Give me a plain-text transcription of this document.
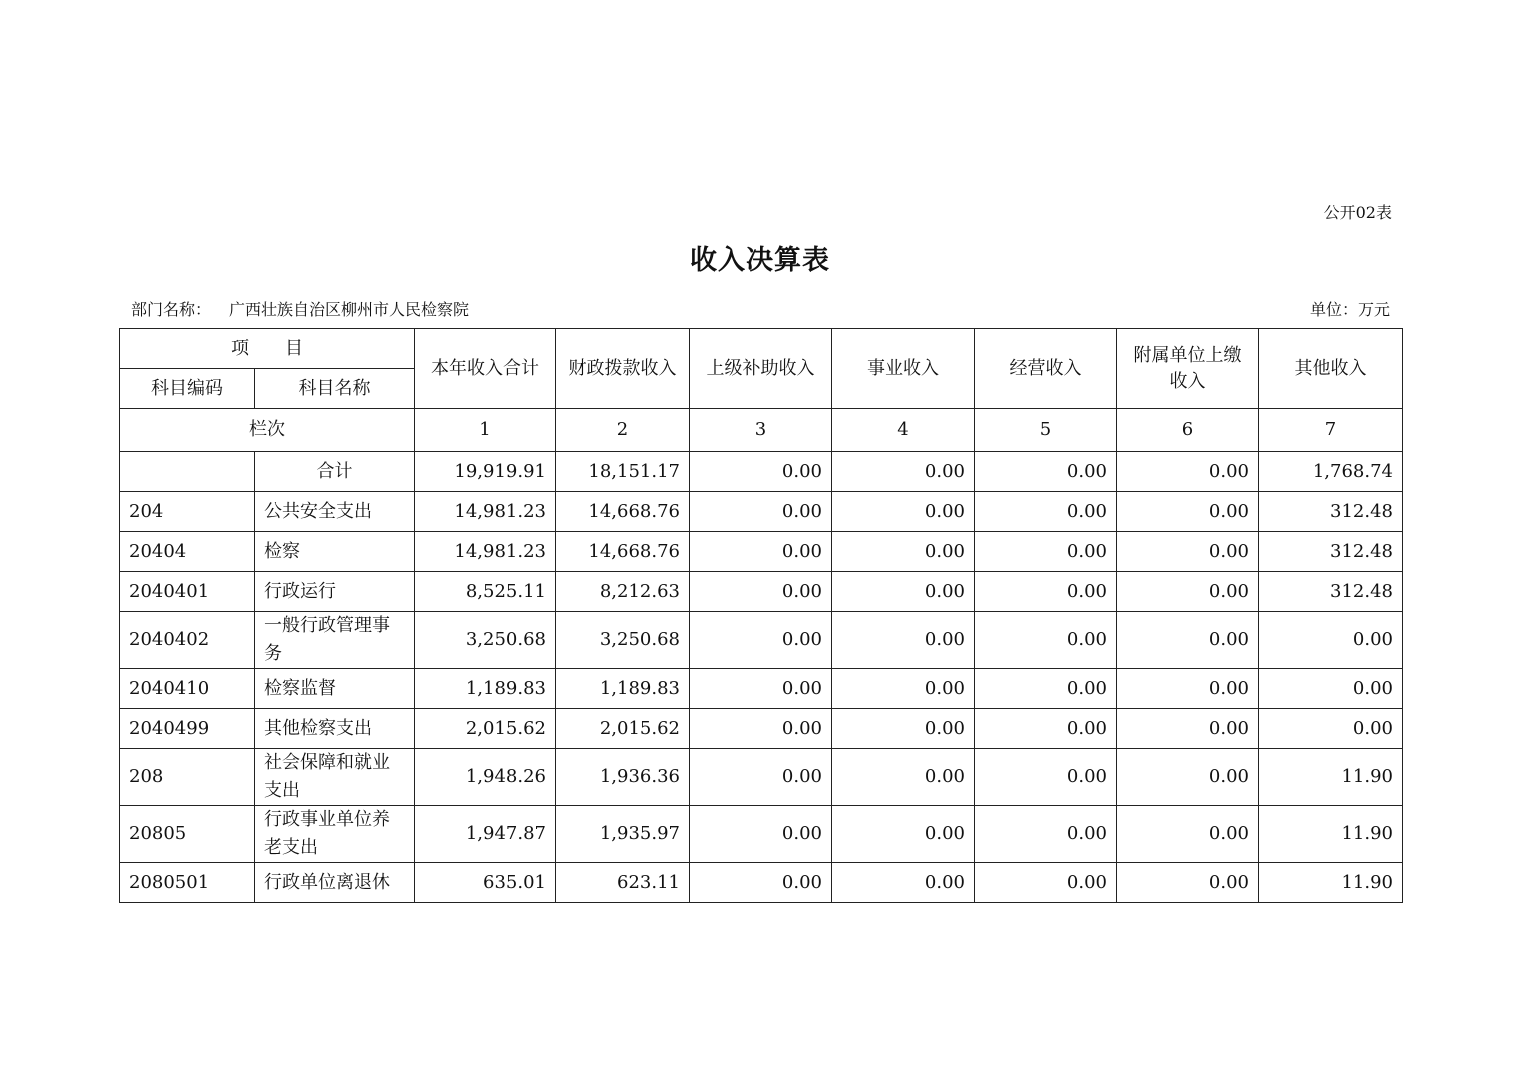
公开02表
收入决算表
部门名称： 广西壮族自治区柳州市人民检察院	单位：万元
项　　目		本年收入合计	财政拨款收入	上级补助收入	事业收入	经营收入	附属单位上缴收入	其他收入
科目编码	科目名称							
栏次		1	2	3	4	5	6	7
	合计	19,919.91	18,151.17	0.00	0.00	0.00	0.00	1,768.74
204	公共安全支出	14,981.23	14,668.76	0.00	0.00	0.00	0.00	312.48
20404	检察	14,981.23	14,668.76	0.00	0.00	0.00	0.00	312.48
2040401	行政运行	8,525.11	8,212.63	0.00	0.00	0.00	0.00	312.48
2040402	一般行政管理事务	3,250.68	3,250.68	0.00	0.00	0.00	0.00	0.00
2040410	检察监督	1,189.83	1,189.83	0.00	0.00	0.00	0.00	0.00
2040499	其他检察支出	2,015.62	2,015.62	0.00	0.00	0.00	0.00	0.00
208	社会保障和就业支出	1,948.26	1,936.36	0.00	0.00	0.00	0.00	11.90
20805	行政事业单位养老支出	1,947.87	1,935.97	0.00	0.00	0.00	0.00	11.90
2080501	行政单位离退休	635.01	623.11	0.00	0.00	0.00	0.00	11.90
